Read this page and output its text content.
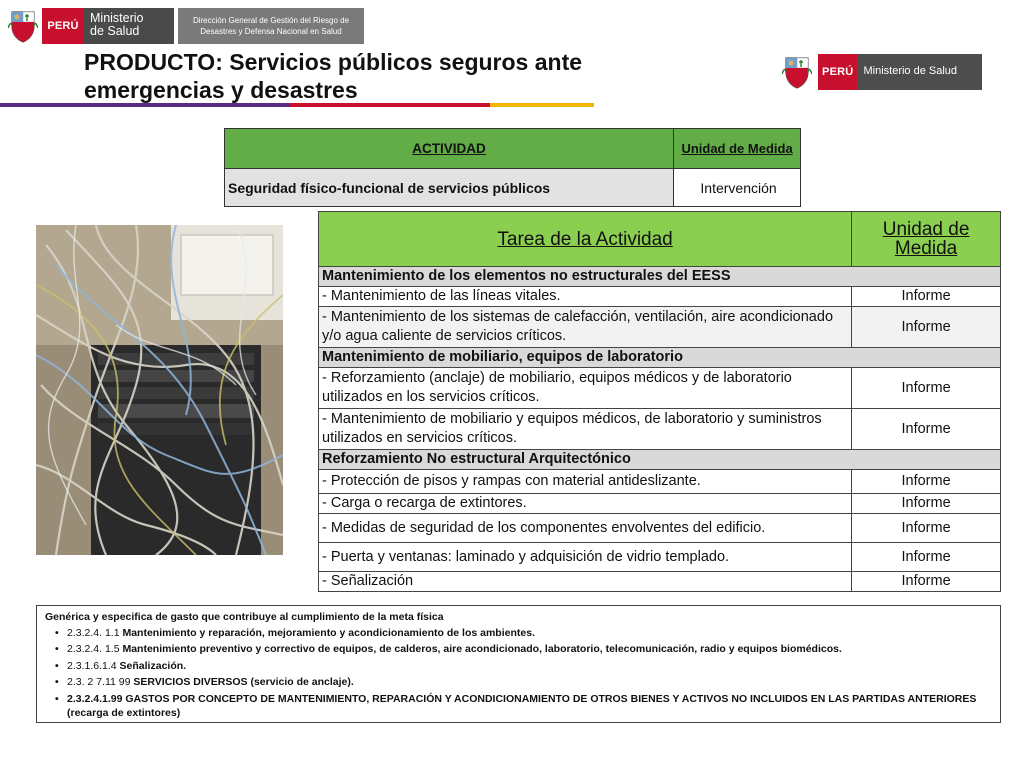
PERÚ
Ministerio
de Salud
Dirección General de Gestión del Riesgo de Desastres y Defensa Nacional en Salud
PERÚ Ministerio de Salud
PRODUCTO: Servicios públicos seguros ante emergencias y desastres
ACTIVIDAD	Unidad de Medida
Seguridad físico-funcional de servicios públicos	Intervención
Tarea de la Actividad	Unidad de Medida
Mantenimiento de los elementos no estructurales del EESS	
- Mantenimiento de las líneas vitales.	Informe
- Mantenimiento de los sistemas de calefacción, ventilación, aire acondicionado y/o agua caliente de servicios críticos.	Informe
Mantenimiento de mobiliario, equipos de laboratorio	
- Reforzamiento (anclaje) de mobiliario, equipos médicos y de laboratorio utilizados en los servicios críticos.	Informe
- Mantenimiento de mobiliario y equipos médicos, de laboratorio y suministros utilizados en servicios críticos.	Informe
Reforzamiento No estructural Arquitectónico	
- Protección de pisos y rampas con material antideslizante.	Informe
- Carga o recarga de extintores.	Informe
- Medidas de seguridad de los componentes envolventes del edificio.	Informe
- Puerta y ventanas: laminado y adquisición de vidrio templado.	Informe
- Señalización	Informe
Genérica y especifica de gasto que contribuye al cumplimiento de la meta física
• 2.3.2.4. 1.1 Mantenimiento y reparación, mejoramiento y acondicionamiento de los ambientes.
• 2.3.2.4. 1.5 Mantenimiento preventivo y correctivo de equipos, de calderos, aire acondicionado, laboratorio, telecomunicación, radio y equipos biomédicos.
• 2.3.1.6.1.4 Señalización.
• 2.3. 2 7.11 99 SERVICIOS DIVERSOS (servicio de anclaje).
• 2.3.2.4.1.99 GASTOS POR CONCEPTO DE MANTENIMIENTO, REPARACIÓN Y ACONDICIONAMIENTO DE OTROS BIENES Y ACTIVOS NO INCLUIDOS EN LAS PARTIDAS ANTERIORES (recarga de extintores)
